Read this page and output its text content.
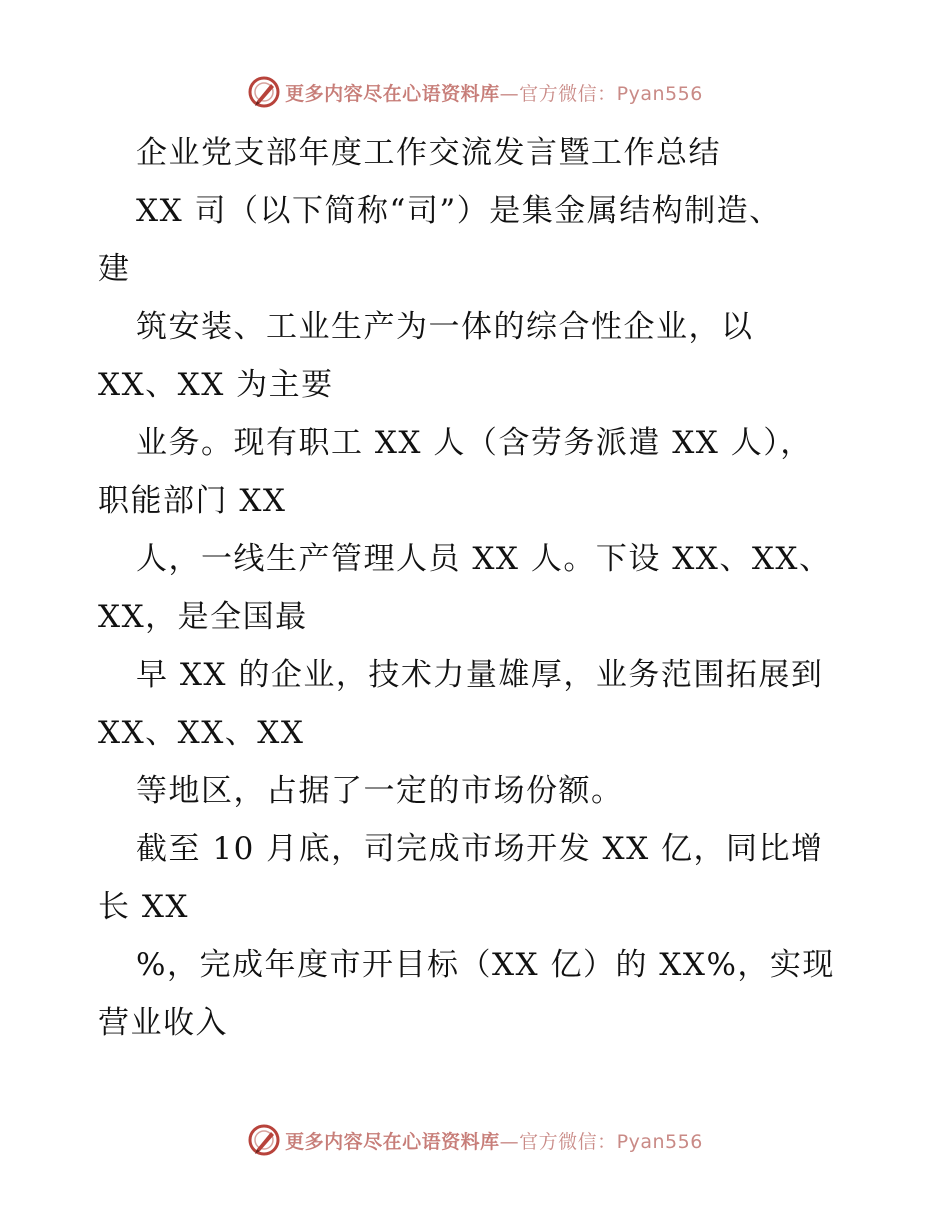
更多内容尽在心语资料库—官方微信：Pyan556
企业党支部年度工作交流发言暨工作总结
XX 司（以下简称“司”）是集金属结构制造、
建
筑安装、工业生产为一体的综合性企业，以
XX、XX 为主要
业务。现有职工 XX 人（含劳务派遣 XX 人），
职能部门 XX
人，一线生产管理人员 XX 人。下设 XX、XX、
XX，是全国最
早 XX 的企业，技术力量雄厚，业务范围拓展到
XX、XX、XX
等地区，占据了一定的市场份额。
截至 10 月底，司完成市场开发 XX 亿，同比增
长 XX
%，完成年度市开目标（XX 亿）的 XX%，实现
营业收入
更多内容尽在心语资料库—官方微信：Pyan556
